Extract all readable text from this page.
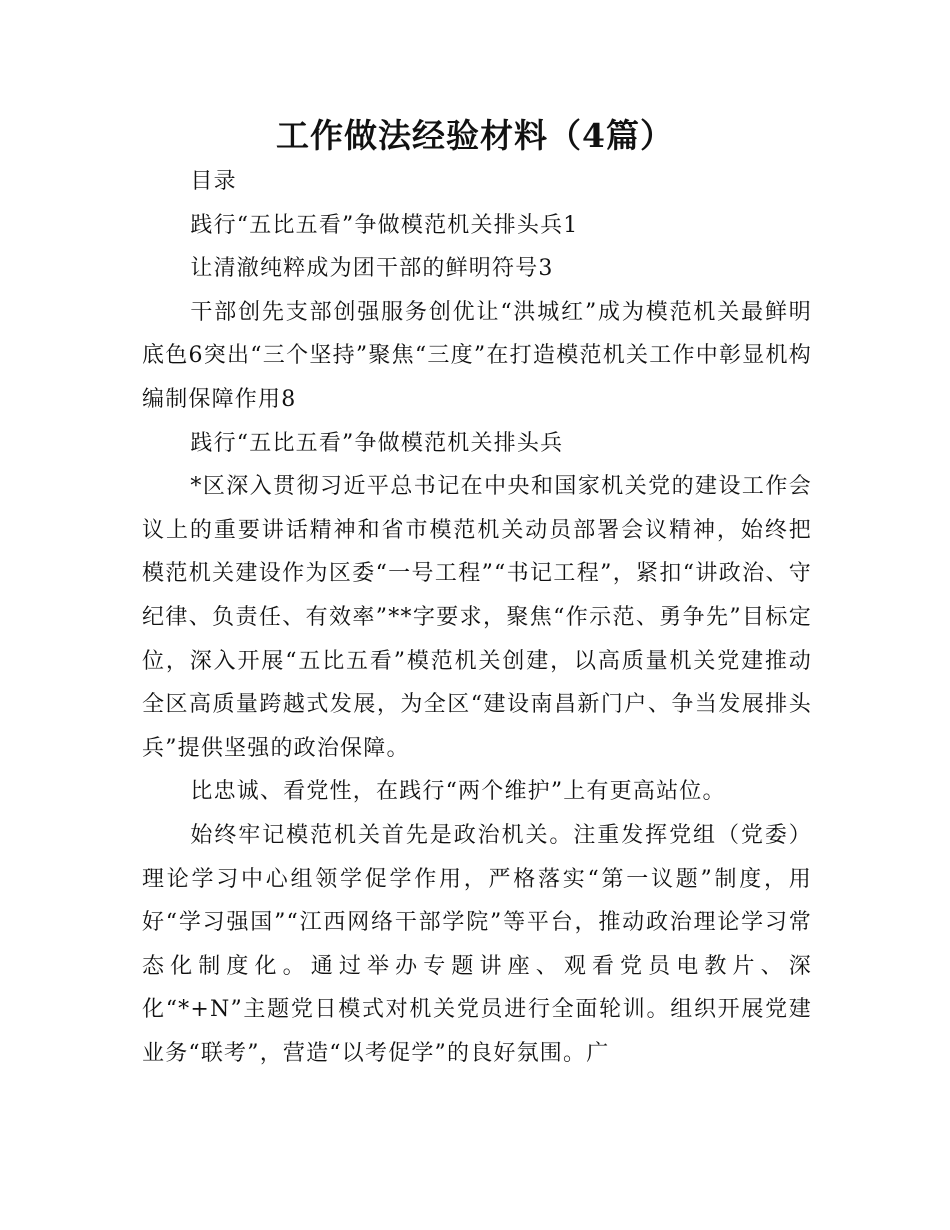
工作做法经验材料（4篇）

目录

践行“五比五看”争做模范机关排头兵1

让清澈纯粹成为团干部的鲜明符号3

干部创先支部创强服务创优让“洪城红”成为模范机关最鲜明底色6突出“三个坚持”聚焦“三度”在打造模范机关工作中彰显机构编制保障作用8

践行“五比五看”争做模范机关排头兵

*区深入贯彻习近平总书记在中央和国家机关党的建设工作会议上的重要讲话精神和省市模范机关动员部署会议精神，始终把模范机关建设作为区委“一号工程”“书记工程”，紧扣“讲政治、守纪律、负责任、有效率”**字要求，聚焦“作示范、勇争先”目标定位，深入开展“五比五看”模范机关创建，以高质量机关党建推动全区高质量跨越式发展，为全区“建设南昌新门户、争当发展排头兵”提供坚强的政治保障。

比忠诚、看党性，在践行“两个维护”上有更高站位。

始终牢记模范机关首先是政治机关。注重发挥党组（党委）理论学习中心组领学促学作用，严格落实“第一议题”制度，用好“学习强国”“江西网络干部学院”等平台，推动政治理论学习常态化制度化。通过举办专题讲座、观看党员电教片、深化“*+N”主题党日模式对机关党员进行全面轮训。组织开展党建业务“联考”，营造“以考促学”的良好氛围。广
